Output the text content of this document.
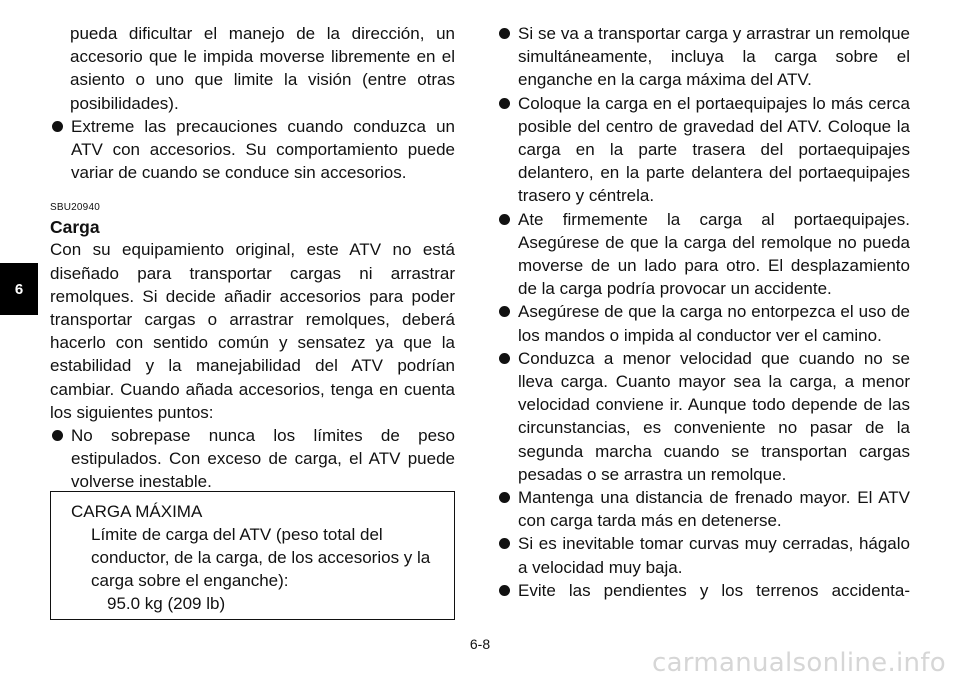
6

pueda dificultar el manejo de la dirección, un accesorio que le impida moverse libremente en el asiento o uno que limite la visión (entre otras posibilidades).

Extreme las precauciones cuando conduzca un ATV con accesorios. Su comportamiento puede variar de cuando se conduce sin accesorios.
SBU20940
Carga

Con su equipamiento original, este ATV no está diseñado para transportar cargas ni arrastrar remolques. Si decide añadir accesorios para poder transportar cargas o arrastrar remolques, deberá hacerlo con sentido común y sensatez ya que la estabilidad y la manejabilidad del ATV podrían cambiar. Cuando añada accesorios, tenga en cuenta los siguientes puntos:

No sobrepase nunca los límites de peso estipulados. Con exceso de carga, el ATV puede volverse inestable.
CARGA MÁXIMA
Límite de carga del ATV (peso total del conductor, de la carga, de los accesorios y la carga sobre el enganche):
95.0 kg (209 lb)
Si se va a transportar carga y arrastrar un remolque simultáneamente, incluya la carga sobre el enganche en la carga máxima del ATV.
Coloque la carga en el portaequipajes lo más cerca posible del centro de gravedad del ATV. Coloque la carga en la parte trasera del portaequipajes delantero, en la parte delantera del portaequipajes trasero y céntrela.
Ate firmemente la carga al portaequipajes. Asegúrese de que la carga del remolque no pueda moverse de un lado para otro. El desplazamiento de la carga podría provocar un accidente.
Asegúrese de que la carga no entorpezca el uso de los mandos o impida al conductor ver el camino.
Conduzca a menor velocidad que cuando no se lleva carga. Cuanto mayor sea la carga, a menor velocidad conviene ir. Aunque todo depende de las circunstancias, es conveniente no pasar de la segunda marcha cuando se transportan cargas pesadas o se arrastra un remolque.
Mantenga una distancia de frenado mayor. El ATV con carga tarda más en detenerse.
Si es inevitable tomar curvas muy cerradas, hágalo a velocidad muy baja.
Evite las pendientes y los terrenos accidenta-
6-8
carmanualsonline.info
